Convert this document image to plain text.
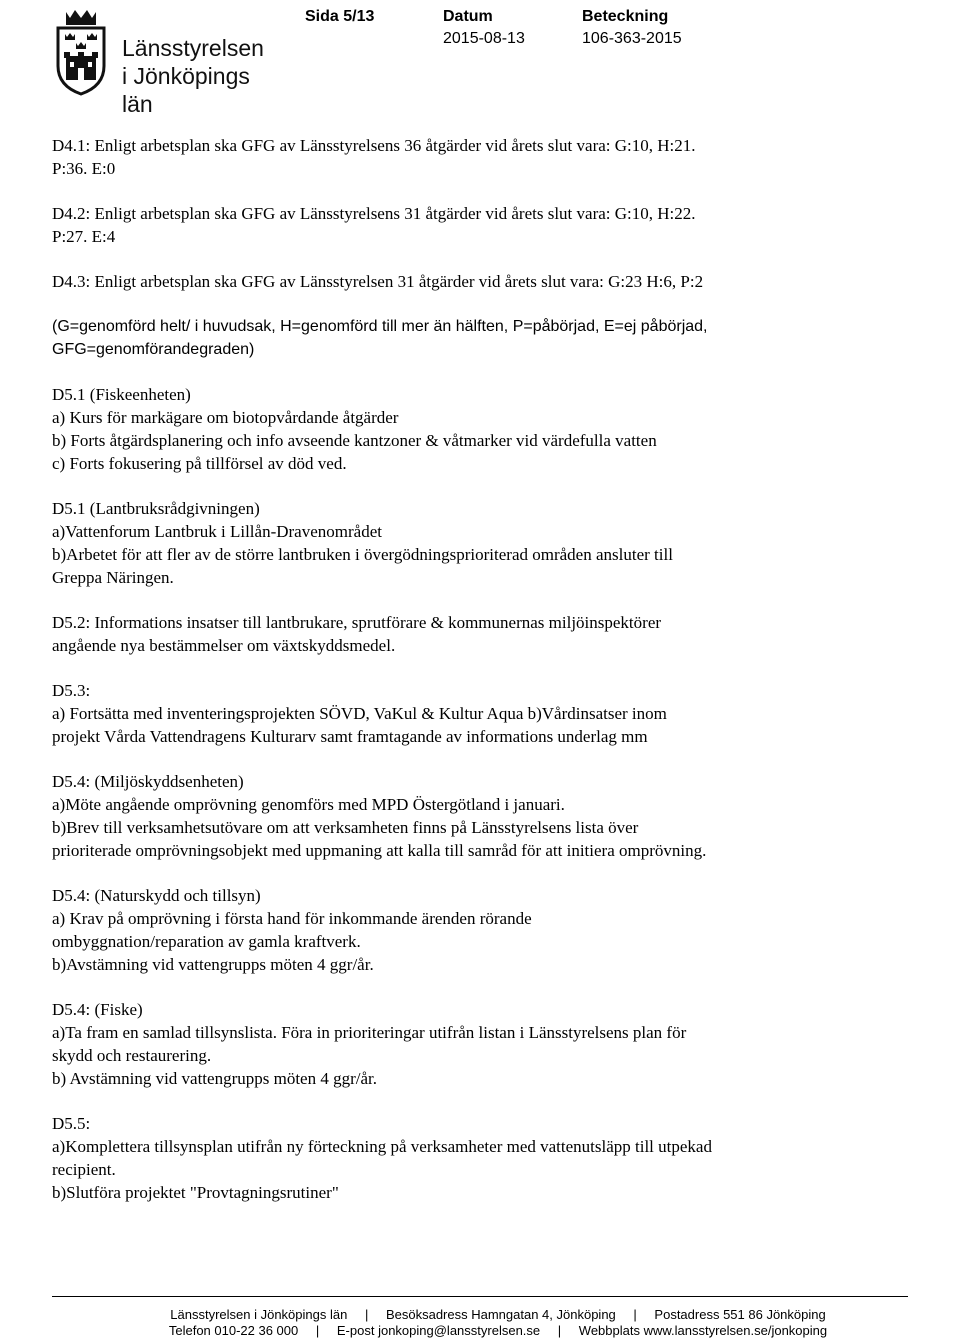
Länsstyrelsen
i Jönköpings län
Sida 5/13	Datum
2015-08-13
Beteckning
106-363-2015

D4.1: Enligt arbetsplan ska GFG av Länsstyrelsens 36 åtgärder vid årets slut vara: G:10, H:21.
P:36. E:0

D4.2: Enligt arbetsplan ska GFG av Länsstyrelsens 31 åtgärder vid årets slut vara: G:10, H:22.
P:27. E:4

D4.3: Enligt arbetsplan ska GFG av Länsstyrelsen 31 åtgärder vid årets slut vara: G:23 H:6, P:2

(G=genomförd helt/ i huvudsak, H=genomförd till mer än hälften, P=påbörjad, E=ej påbörjad,
GFG=genomförandegraden)

D5.1 (Fiskeenheten)
a) Kurs för markägare om biotopvårdande åtgärder
b) Forts åtgärdsplanering och info avseende kantzoner & våtmarker vid värdefulla vatten
c) Forts fokusering på tillförsel av död ved.

D5.1 (Lantbruksrådgivningen)
a)Vattenforum Lantbruk i Lillån-Dravenområdet
b)Arbetet för att fler av de större lantbruken i övergödningsprioriterad områden ansluter till
Greppa Näringen.

D5.2: Informations insatser till lantbrukare, sprutförare & kommunernas miljöinspektörer
angående nya bestämmelser om växtskyddsmedel.

D5.3:
a) Fortsätta med inventeringsprojekten SÖVD, VaKul & Kultur Aqua b)Vårdinsatser inom
projekt Vårda Vattendragens Kulturarv samt framtagande av informations underlag mm

D5.4: (Miljöskyddsenheten)
a)Möte angående omprövning genomförs med MPD Östergötland i januari.
b)Brev till verksamhetsutövare om att verksamheten finns på Länsstyrelsens lista över
prioriterade omprövningsobjekt med uppmaning att kalla till samråd för att initiera omprövning.

D5.4: (Naturskydd och tillsyn)
a) Krav på omprövning i första hand för inkommande ärenden rörande
ombyggnation/reparation av gamla kraftverk.
b)Avstämning vid vattengrupps möten 4 ggr/år.

D5.4: (Fiske)
a)Ta fram en samlad tillsynslista. Föra in prioriteringar utifrån listan i Länsstyrelsens plan för
skydd och restaurering.
b) Avstämning vid vattengrupps möten 4 ggr/år.

D5.5:
a)Komplettera tillsynsplan utifrån ny förteckning på verksamheter med vattenutsläpp till utpekad
recipient.
b)Slutföra projektet "Provtagningsrutiner"

Länsstyrelsen i Jönköpings län | Besöksadress Hamngatan 4, Jönköping | Postadress 551 86 Jönköping
Telefon 010-22 36 000 | E-post jonkoping@lansstyrelsen.se | Webbplats www.lansstyrelsen.se/jonkoping
